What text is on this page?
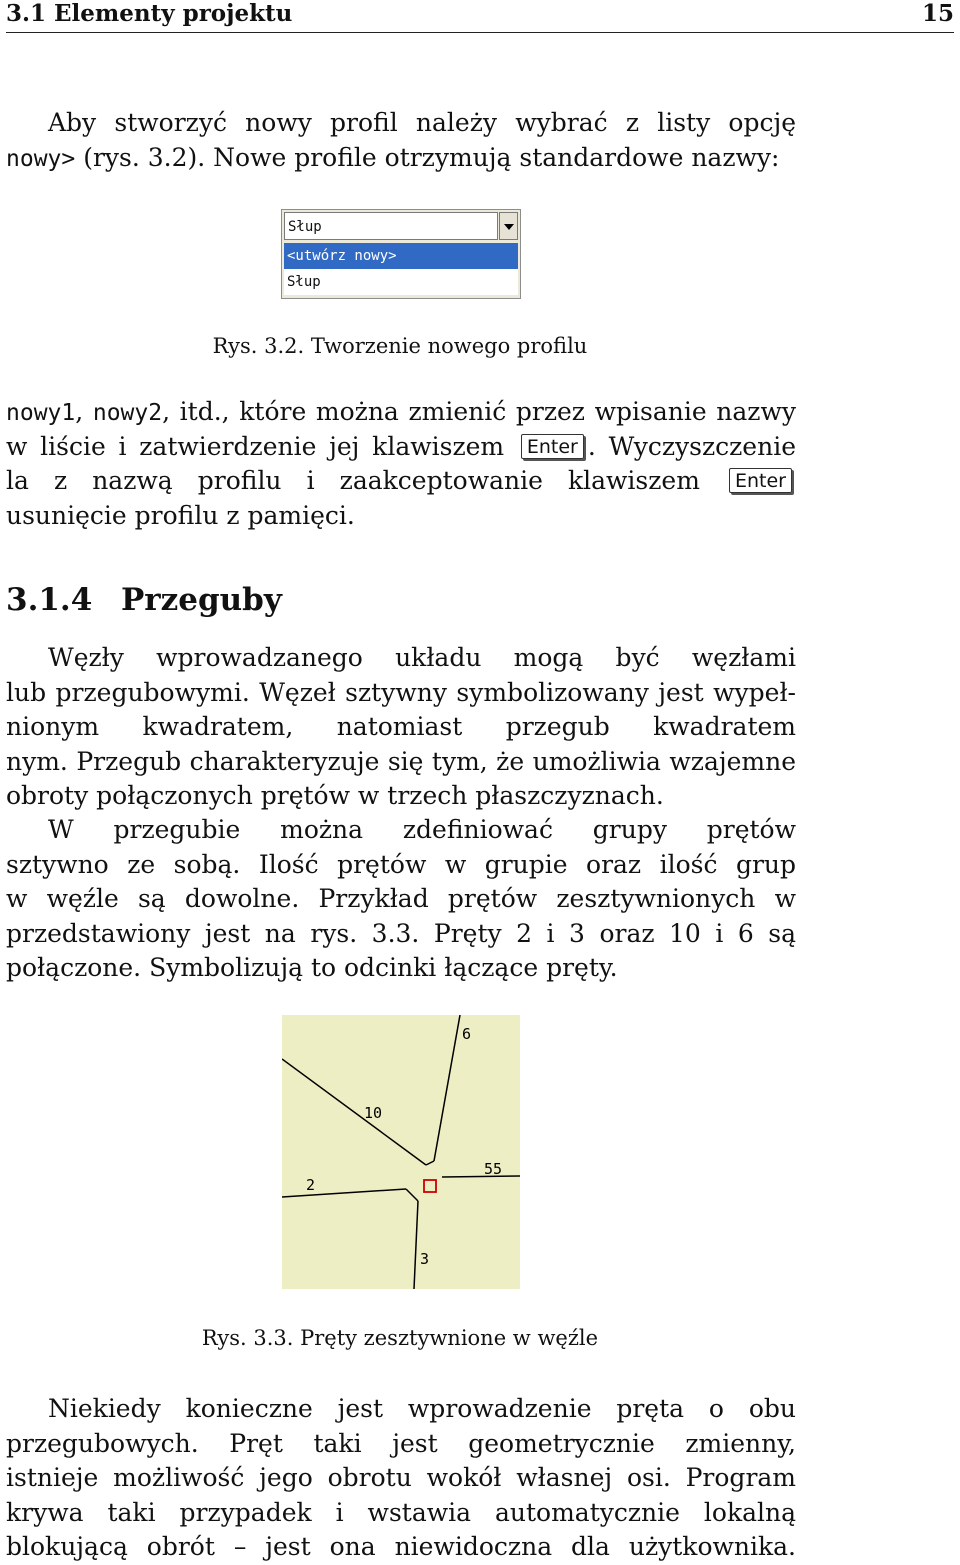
3.1 Elementy projektu	15
Aby stworzyć nowy profil należy wybrać z listy opcję
nowy> (rys. 3.2). Nowe profile otrzymują standardowe nazwy:
Słup
<utwórz nowy>
Słup
Rys. 3.2. Tworzenie nowego profilu
nowy1, nowy2, itd., które można zmienić przez wpisanie nazwy
w liście i zatwierdzenie jej klawiszem Enter . Wyczyszczenie
la z nazwą profilu i zaakceptowanie klawiszem Enter
usunięcie profilu z pamięci.
3.1.4 Przeguby
Węzły wprowadzanego układu mogą być węzłami
lub przegubowymi. Węzeł sztywny symbolizowany jest wypeł-
nionym kwadratem, natomiast przegub kwadratem
nym. Przegub charakteryzuje się tym, że umożliwia wzajemne
obroty połączonych prętów w trzech płaszczyznach.
W przegubie można zdefiniować grupy prętów
sztywno ze sobą. Ilość prętów w grupie oraz ilość grup
w węźle są dowolne. Przykład prętów zesztywnionych w
przedstawiony jest na rys. 3.3. Pręty 2 i 3 oraz 10 i 6 są
połączone. Symbolizują to odcinki łączące pręty.
6
10
55
2
3
Rys. 3.3. Pręty zesztywnione w węźle
Niekiedy konieczne jest wprowadzenie pręta o obu
przegubowych. Pręt taki jest geometrycznie zmienny,
istnieje możliwość jego obrotu wokół własnej osi. Program
krywa taki przypadek i wstawia automatycznie lokalną
blokującą obrót – jest ona niewidoczna dla użytkownika.
